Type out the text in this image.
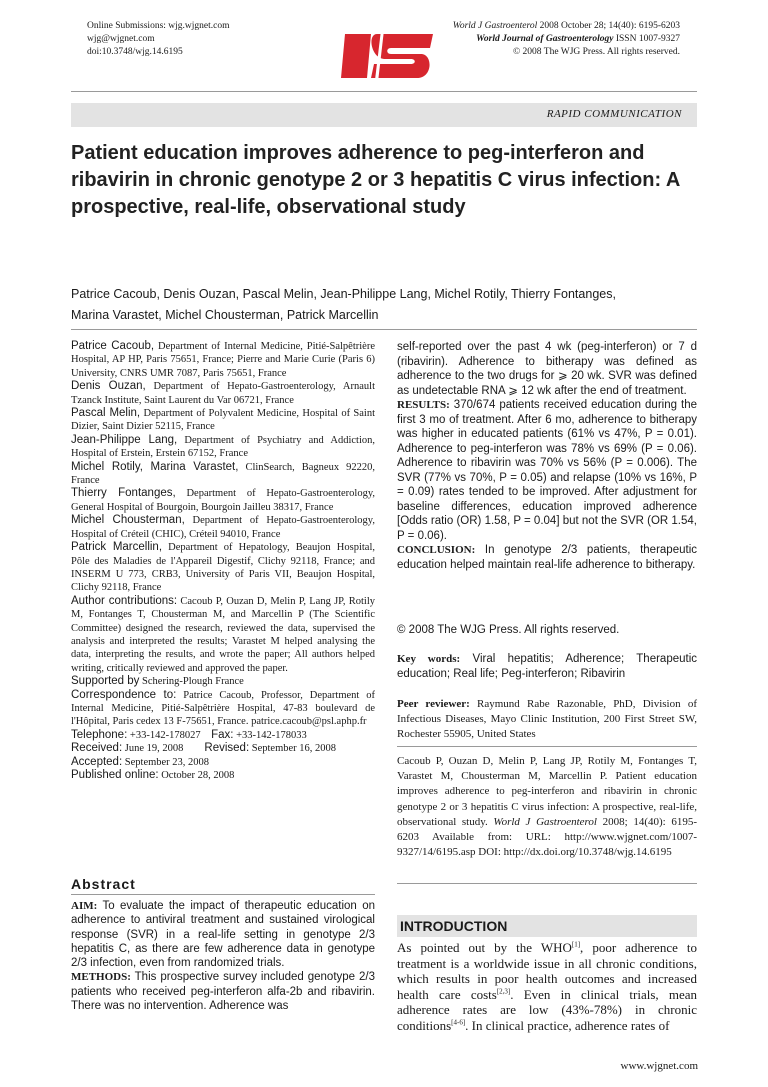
Online Submissions: wjg.wjgnet.com
wjg@wjgnet.com
doi:10.3748/wjg.14.6195
World J Gastroenterol 2008 October 28; 14(40): 6195-6203
World Journal of Gastroenterology ISSN 1007-9327
© 2008 The WJG Press. All rights reserved.
RAPID COMMUNICATION
Patient education improves adherence to peg-interferon and ribavirin in chronic genotype 2 or 3 hepatitis C virus infection: A prospective, real-life, observational study
Patrice Cacoub, Denis Ouzan, Pascal Melin, Jean-Philippe Lang, Michel Rotily, Thierry Fontanges,
Marina Varastet, Michel Chousterman, Patrick Marcellin

Patrice Cacoub, Department of Internal Medicine, Pitié-Salpêtrière Hospital, AP HP, Paris 75651, France; Pierre and Marie Curie (Paris 6) University, CNRS UMR 7087, Paris 75651, France

Denis Ouzan, Department of Hepato-Gastroenterology, Arnault Tzanck Institute, Saint Laurent du Var 06721, France

Pascal Melin, Department of Polyvalent Medicine, Hospital of Saint Dizier, Saint Dizier 52115, France

Jean-Philippe Lang, Department of Psychiatry and Addiction, Hospital of Erstein, Erstein 67152, France

Michel Rotily, Marina Varastet, ClinSearch, Bagneux 92220, France

Thierry Fontanges, Department of Hepato-Gastroenterology, General Hospital of Bourgoin, Bourgoin Jailleu 38317, France

Michel Chousterman, Department of Hepato-Gastroenterology, Hospital of Créteil (CHIC), Créteil 94010, France

Patrick Marcellin, Department of Hepatology, Beaujon Hospital, Pôle des Maladies de l'Appareil Digestif, Clichy 92118, France; and INSERM U 773, CRB3, University of Paris VII, Beaujon Hospital, Clichy 92118, France

Author contributions: Cacoub P, Ouzan D, Melin P, Lang JP, Rotily M, Fontanges T, Chousterman M, and Marcellin P (The Scientific Committee) designed the research, reviewed the data, supervised the analysis and interpreted the results; Varastet M helped analysing the data, interpreting the results, and wrote the paper; All authors helped writing, critically reviewed and approved the paper.

Supported by Schering-Plough France

Correspondence to: Patrice Cacoub, Professor, Department of Internal Medicine, Pitié-Salpêtrière Hospital, 47-83 boulevard de l'Hôpital, Paris cedex 13 F-75651, France. patrice.cacoub@psl.aphp.fr

Telephone: +33-142-178027 Fax: +33-142-178033

Received: June 19, 2008 Revised: September 16, 2008

Accepted: September 23, 2008

Published online: October 28, 2008

Abstract

AIM: To evaluate the impact of therapeutic education on adherence to antiviral treatment and sustained virological response (SVR) in a real-life setting in genotype 2/3 hepatitis C, as there are few adherence data in genotype 2/3 infection, even from randomized trials.

METHODS: This prospective survey included genotype 2/3 patients who received peg-interferon alfa-2b and ribavirin. There was no intervention. Adherence was

self-reported over the past 4 wk (peg-interferon) or 7 d (ribavirin). Adherence to bitherapy was defined as adherence to the two drugs for ⩾ 20 wk. SVR was defined as undetectable RNA ⩾ 12 wk after the end of treatment.

RESULTS: 370/674 patients received education during the first 3 mo of treatment. After 6 mo, adherence to bitherapy was higher in educated patients (61% vs 47%, P = 0.01). Adherence to peg-interferon was 78% vs 69% (P = 0.06). Adherence to ribavirin was 70% vs 56% (P = 0.006). The SVR (77% vs 70%, P = 0.05) and relapse (10% vs 16%, P = 0.09) rates tended to be improved. After adjustment for baseline differences, education improved adherence [Odds ratio (OR) 1.58, P = 0.04] but not the SVR (OR 1.54, P = 0.06).

CONCLUSION: In genotype 2/3 patients, therapeutic education helped maintain real-life adherence to bitherapy.

© 2008 The WJG Press. All rights reserved.
Key words: Viral hepatitis; Adherence; Therapeutic education; Real life; Peg-interferon; Ribavirin
Peer reviewer: Raymund Rabe Razonable, PhD, Division of Infectious Diseases, Mayo Clinic Institution, 200 First Street SW, Rochester 55905, United States
Cacoub P, Ouzan D, Melin P, Lang JP, Rotily M, Fontanges T, Varastet M, Chousterman M, Marcellin P. Patient education improves adherence to peg-interferon and ribavirin in chronic genotype 2 or 3 hepatitis C virus infection: A prospective, real-life, observational study. World J Gastroenterol 2008; 14(40): 6195-6203 Available from: URL: http://www.wjgnet.com/1007-9327/14/6195.asp DOI: http://dx.doi.org/10.3748/wjg.14.6195
INTRODUCTION
As pointed out by the WHO[1], poor adherence to treatment is a worldwide issue in all chronic conditions, which results in poor health outcomes and increased health care costs[2,3]. Even in clinical trials, mean adherence rates are low (43%-78%) in chronic conditions[4-6]. In clinical practice, adherence rates of
www.wjgnet.com
